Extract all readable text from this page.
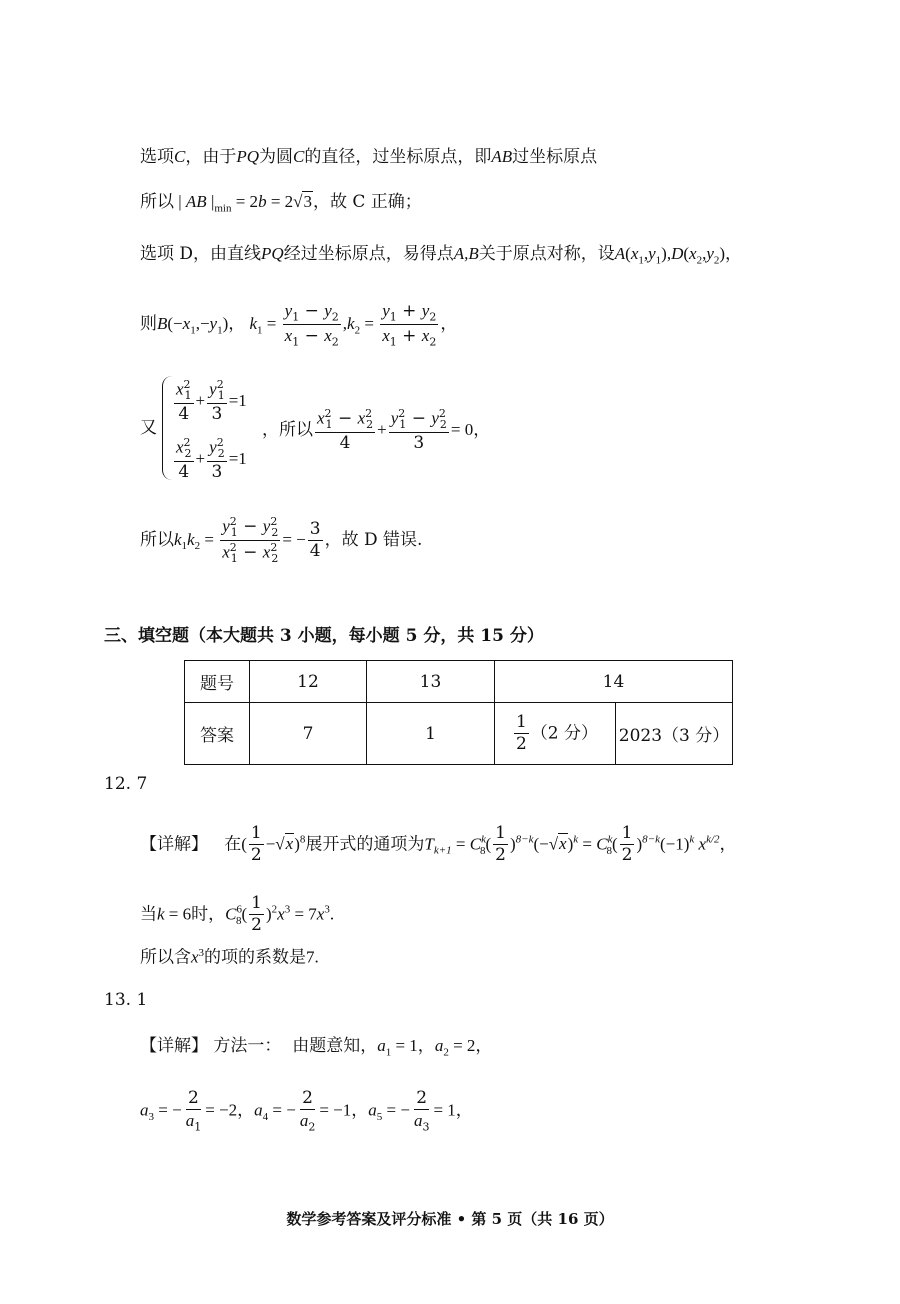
选项C，由于PQ为圆C的直径，过坐标原点，即AB过坐标原点
所以 | AB $|_{min} = 2b = 2√3$，故 C 正确；
选项 D，由直线PQ经过坐标原点，易得点A,B关于原点对称，设$A(x_1,y_1),D(x_2,y_2)$，
则$B(-x_1,-y_1)$， $k_1 = \frac{y_1 - y_2}{x_1 - x_2} ,k_2 = \frac{y_1 + y_2}{x_1 + x_2}$ ，
又
$\frac{x^2_1}{4} + \frac{y^2_1}{3} =1$
$\frac{x^2_2}{4} + \frac{y^2_2}{3} =1$
，所以 $\frac{x^2_1 - x^2_2}{4} + \frac{y^2_1 - y^2_2}{3} = 0$，
所以$k_1k_2 = \frac{y^2_1 - y^2_2}{x^2_1 - x^2_2}$ = − $\frac{3}{4}$ ，故 D 错误.
三、填空题（本大题共 3 小题，每小题 5 分，共 15 分）
题号	12	13	14	
答案	7	1	$\frac{1}{2} (2$ 分）	2023（3 分）
12. 7
【详解】 在( $\frac{1}{2} -√x)^8$展开式的通项为$T_{k+1} = C^k_8( \frac{1}{2} )^{8-k}(-√x)^k = C^k_8( \frac{1}{2} )^{8-k}(-1)^k$ $x^{k/2}$，
当k = 6时，$C^6_8( \frac{1}{2} )^2x^3 = 7x^3$.
所以含$x^3$的项的系数是7.
13. 1
【详解】 方法一： 由题意知，$a_1 = 1$，$a_2 = 2$，
$a_3$ = − $\frac{2}{a_1} = -2$，$a_4$ = − $\frac{2}{a_2} = -1$，$a_5$ = − $\frac{2}{a_3} = 1$，
数学参考答案及评分标准 • 第 5 页（共 16 页）
